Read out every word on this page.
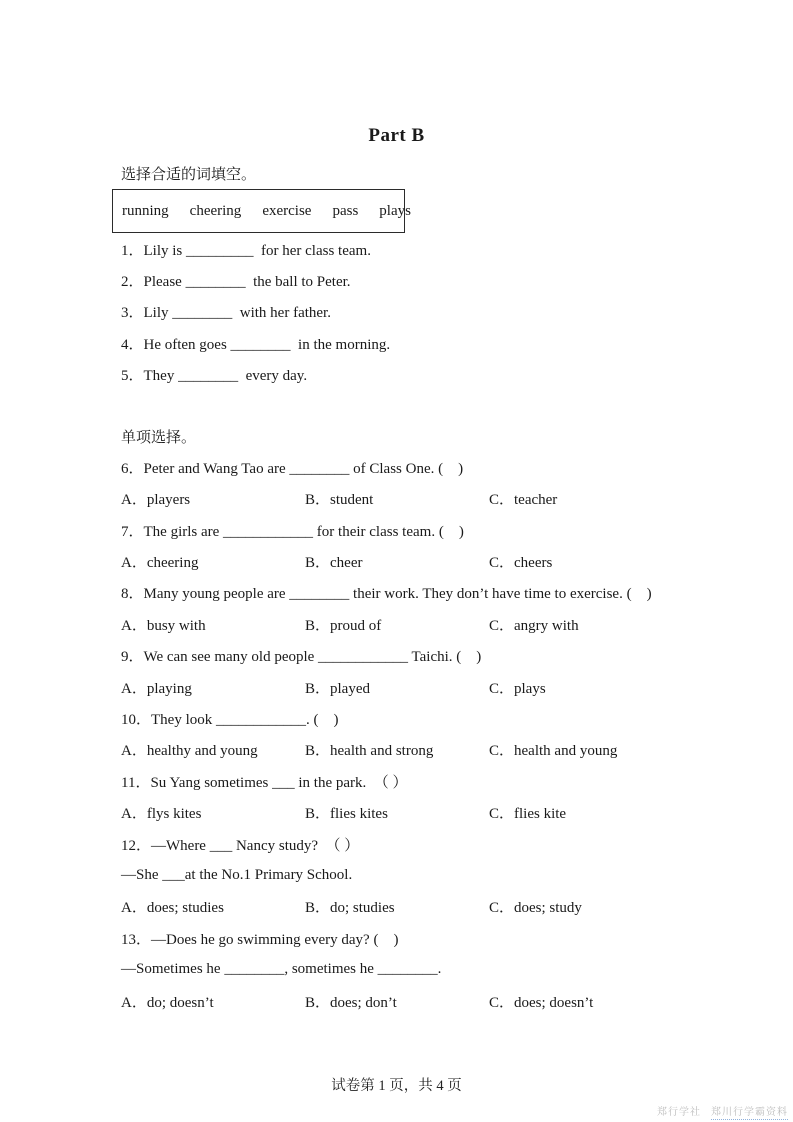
Part B
选择合适的词填空。
running cheering exercise pass plays
1．Lily is _________  for her class team.
2．Please ________  the ball to Peter.
3．Lily ________  with her father.
4．He often goes ________  in the morning.
5．They ________  every day.
单项选择。
6．Peter and Wang Tao are ________ of Class One. (　)
A．players	B．student	C．teacher
7．The girls are ____________ for their class team. (　)
A．cheering	B．cheer	C．cheers
8．Many young people are ________ their work. They don’t have time to exercise. (　)
A．busy with	B．proud of	C．angry with
9．We can see many old people ____________ Taichi. (　)
A．playing	B．played	C．plays
10．They look ____________. (　)
A．healthy and young	B．health and strong	C．health and young
11．Su Yang sometimes ___ in the park.　（ ）
A．flys kites	B．flies kites	C．flies kite
12．—Where ___ Nancy study?　（ ）
—She ___at the No.1 Primary School.
A．does; studies	B．do; studies	C．does; study
13．—Does he go swimming every day? (　)
—Sometimes he ________, sometimes he ________.
A．do; doesn’t	B．does; don’t	C．does; doesn’t
试卷第 1 页，共 4 页
郑行学社 郑川行学霸资料
